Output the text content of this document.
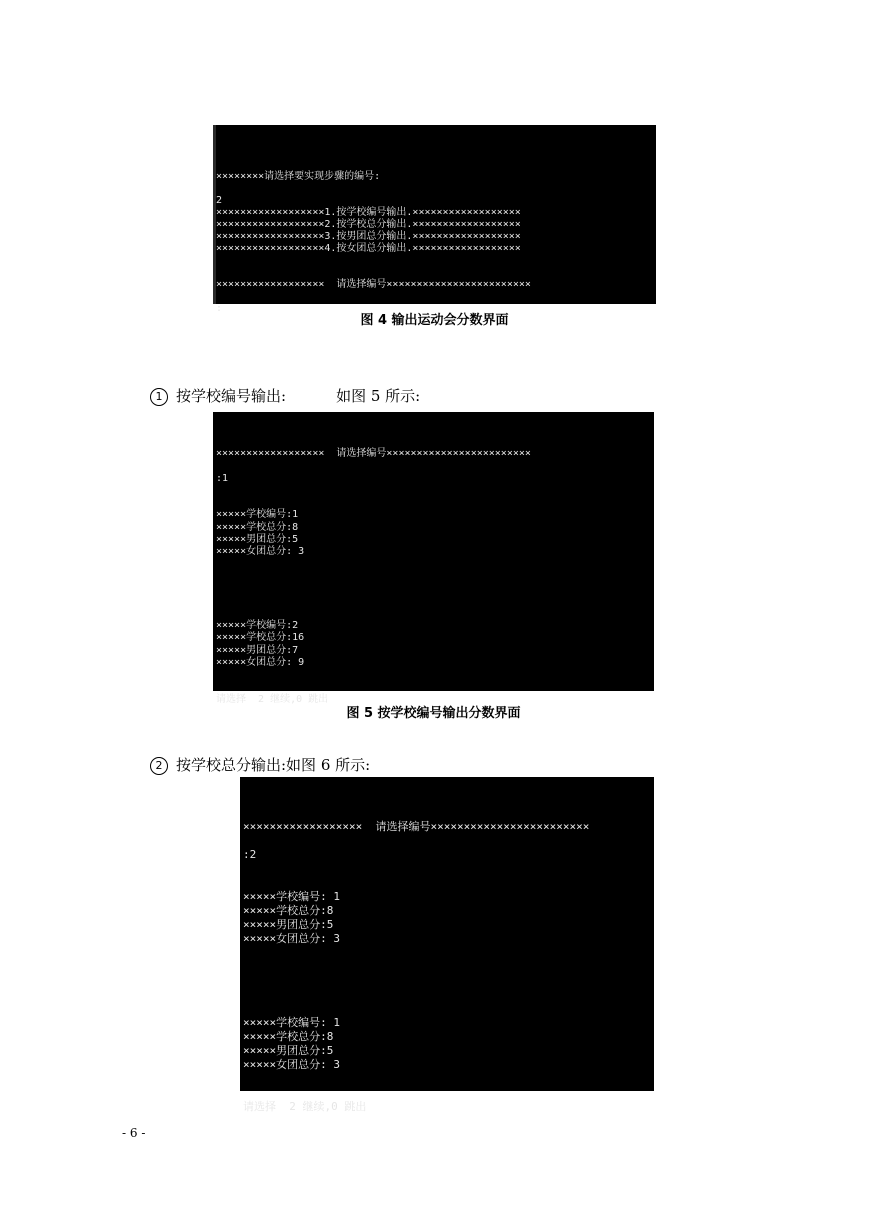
××××××××请选择要实现步骤的编号:
2
××××××××××××××××××1.按学校编号输出.××××××××××××××××××
××××××××××××××××××2.按学校总分输出.××××××××××××××××××
××××××××××××××××××3.按男团总分输出.××××××××××××××××××
××××××××××××××××××4.按女团总分输出.××××××××××××××××××
××××××××××××××××××  请选择编号××××××××××××××××××××××××
:

图 4 输出运动会分数界面
1 按学校编号输出:	如图 5 所示:

××××××××××××××××××  请选择编号××××××××××××××××××××××××
:1
×××××学校编号:1
×××××学校总分:8
×××××男团总分:5
×××××女团总分: 3
×××××学校编号:2
×××××学校总分:16
×××××男团总分:7
×××××女团总分: 9
请选择  2 继续,0 跳出

图 5 按学校编号输出分数界面
2 按学校总分输出:如图 6 所示:

××××××××××××××××××  请选择编号××××××××××××××××××××××××
:2
×××××学校编号: 1
×××××学校总分:8
×××××男团总分:5
×××××女团总分: 3
×××××学校编号: 1
×××××学校总分:8
×××××男团总分:5
×××××女团总分: 3
请选择  2 继续,0 跳出

- 6 -
